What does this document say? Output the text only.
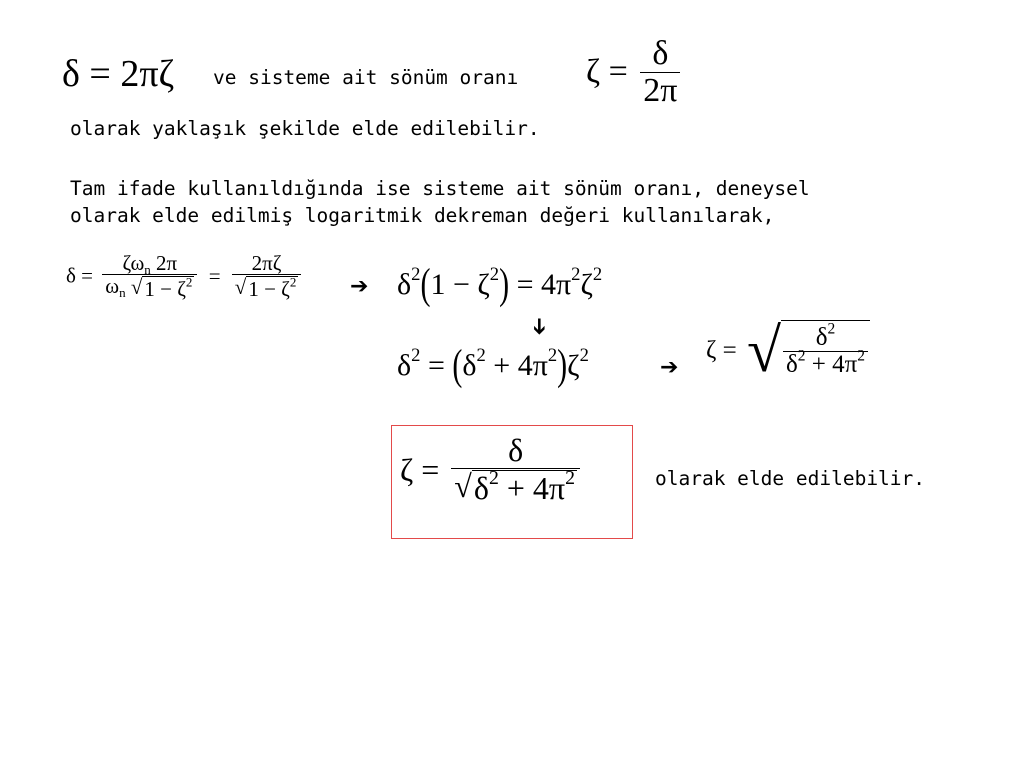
δ = 2πζ ve sisteme ait sönüm oranı $\zeta = \frac{\delta}{2\pi}$
olarak yaklaşık şekilde elde edilebilir.
Tam ifade kullanıldığında ise sisteme ait sönüm oranı, deneysel
olarak elde edilmiş logaritmik dekreman değeri kullanılarak,
$\delta = \frac{\zeta\omega_n 2\pi}{\omega_n √ 1 - \zeta^2} = \frac{2\pi\zeta}{√ 1 - \zeta^2}$ ➔ $\delta^2(1 - \zeta^2) = 4\pi^2\zeta^2$
➔
$\delta^2 = (\delta^2 + 4\pi^2)\zeta^2$	➔
ζ = √ $\frac{\delta^2}{\delta^2 + 4\pi^2}$
$\zeta = \frac{\delta}{√ \delta^2 + 4\pi^2}$	olarak elde edilebilir.
